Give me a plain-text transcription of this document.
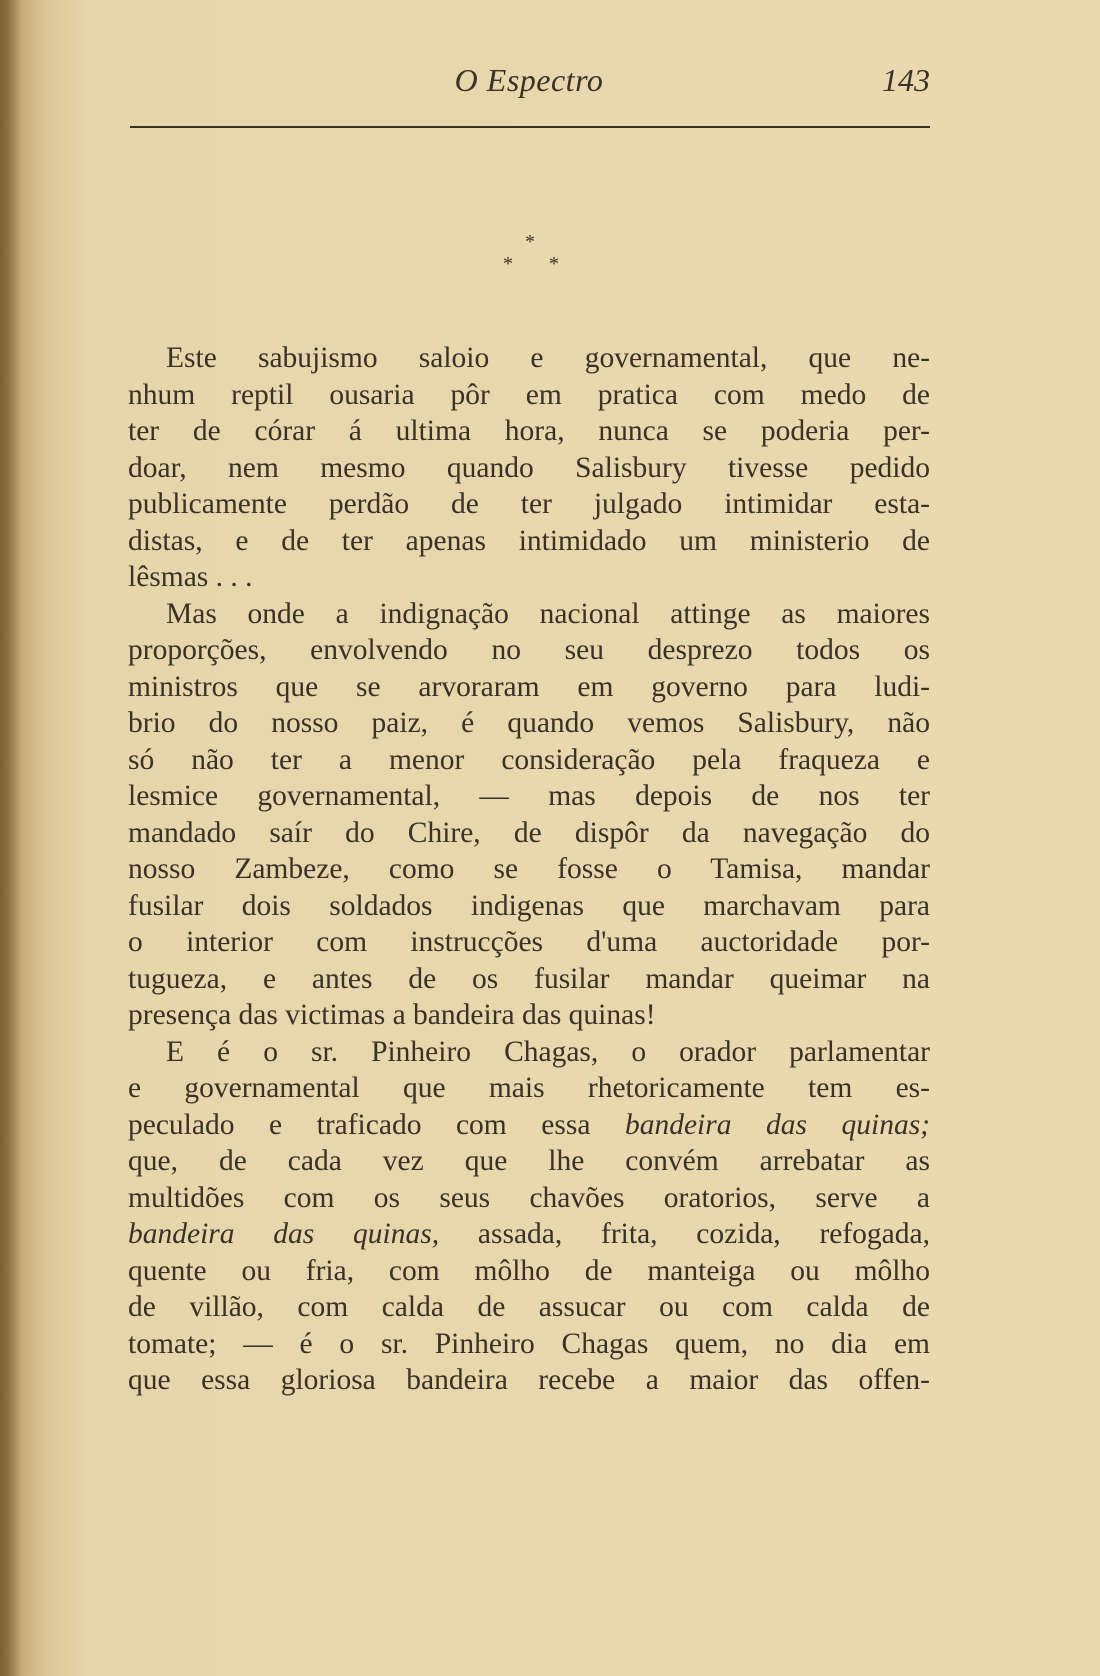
O Espectro	143
*
* *
Este sabujismo saloio e governamental, que ne-
nhum reptil ousaria pôr em pratica com medo de
ter de córar á ultima hora, nunca se poderia per-
doar, nem mesmo quando Salisbury tivesse pedido
publicamente perdão de ter julgado intimidar esta-
distas, e de ter apenas intimidado um ministerio de
lêsmas . . .
Mas onde a indignação nacional attinge as maiores
proporções, envolvendo no seu desprezo todos os
ministros que se arvoraram em governo para ludi-
brio do nosso paiz, é quando vemos Salisbury, não
só não ter a menor consideração pela fraqueza e
lesmice governamental, — mas depois de nos ter
mandado saír do Chire, de dispôr da navegação do
nosso Zambeze, como se fosse o Tamisa, mandar
fusilar dois soldados indigenas que marchavam para
o interior com instrucções d'uma auctoridade por-
tugueza, e antes de os fusilar mandar queimar na
presença das victimas a bandeira das quinas!
E é o sr. Pinheiro Chagas, o orador parlamentar
e governamental que mais rhetoricamente tem es-
peculado e traficado com essa bandeira das quinas;
que, de cada vez que lhe convém arrebatar as
multidões com os seus chavões oratorios, serve a
bandeira das quinas, assada, frita, cozida, refogada,
quente ou fria, com môlho de manteiga ou môlho
de villão, com calda de assucar ou com calda de
tomate; — é o sr. Pinheiro Chagas quem, no dia em
que essa gloriosa bandeira recebe a maior das offen-
